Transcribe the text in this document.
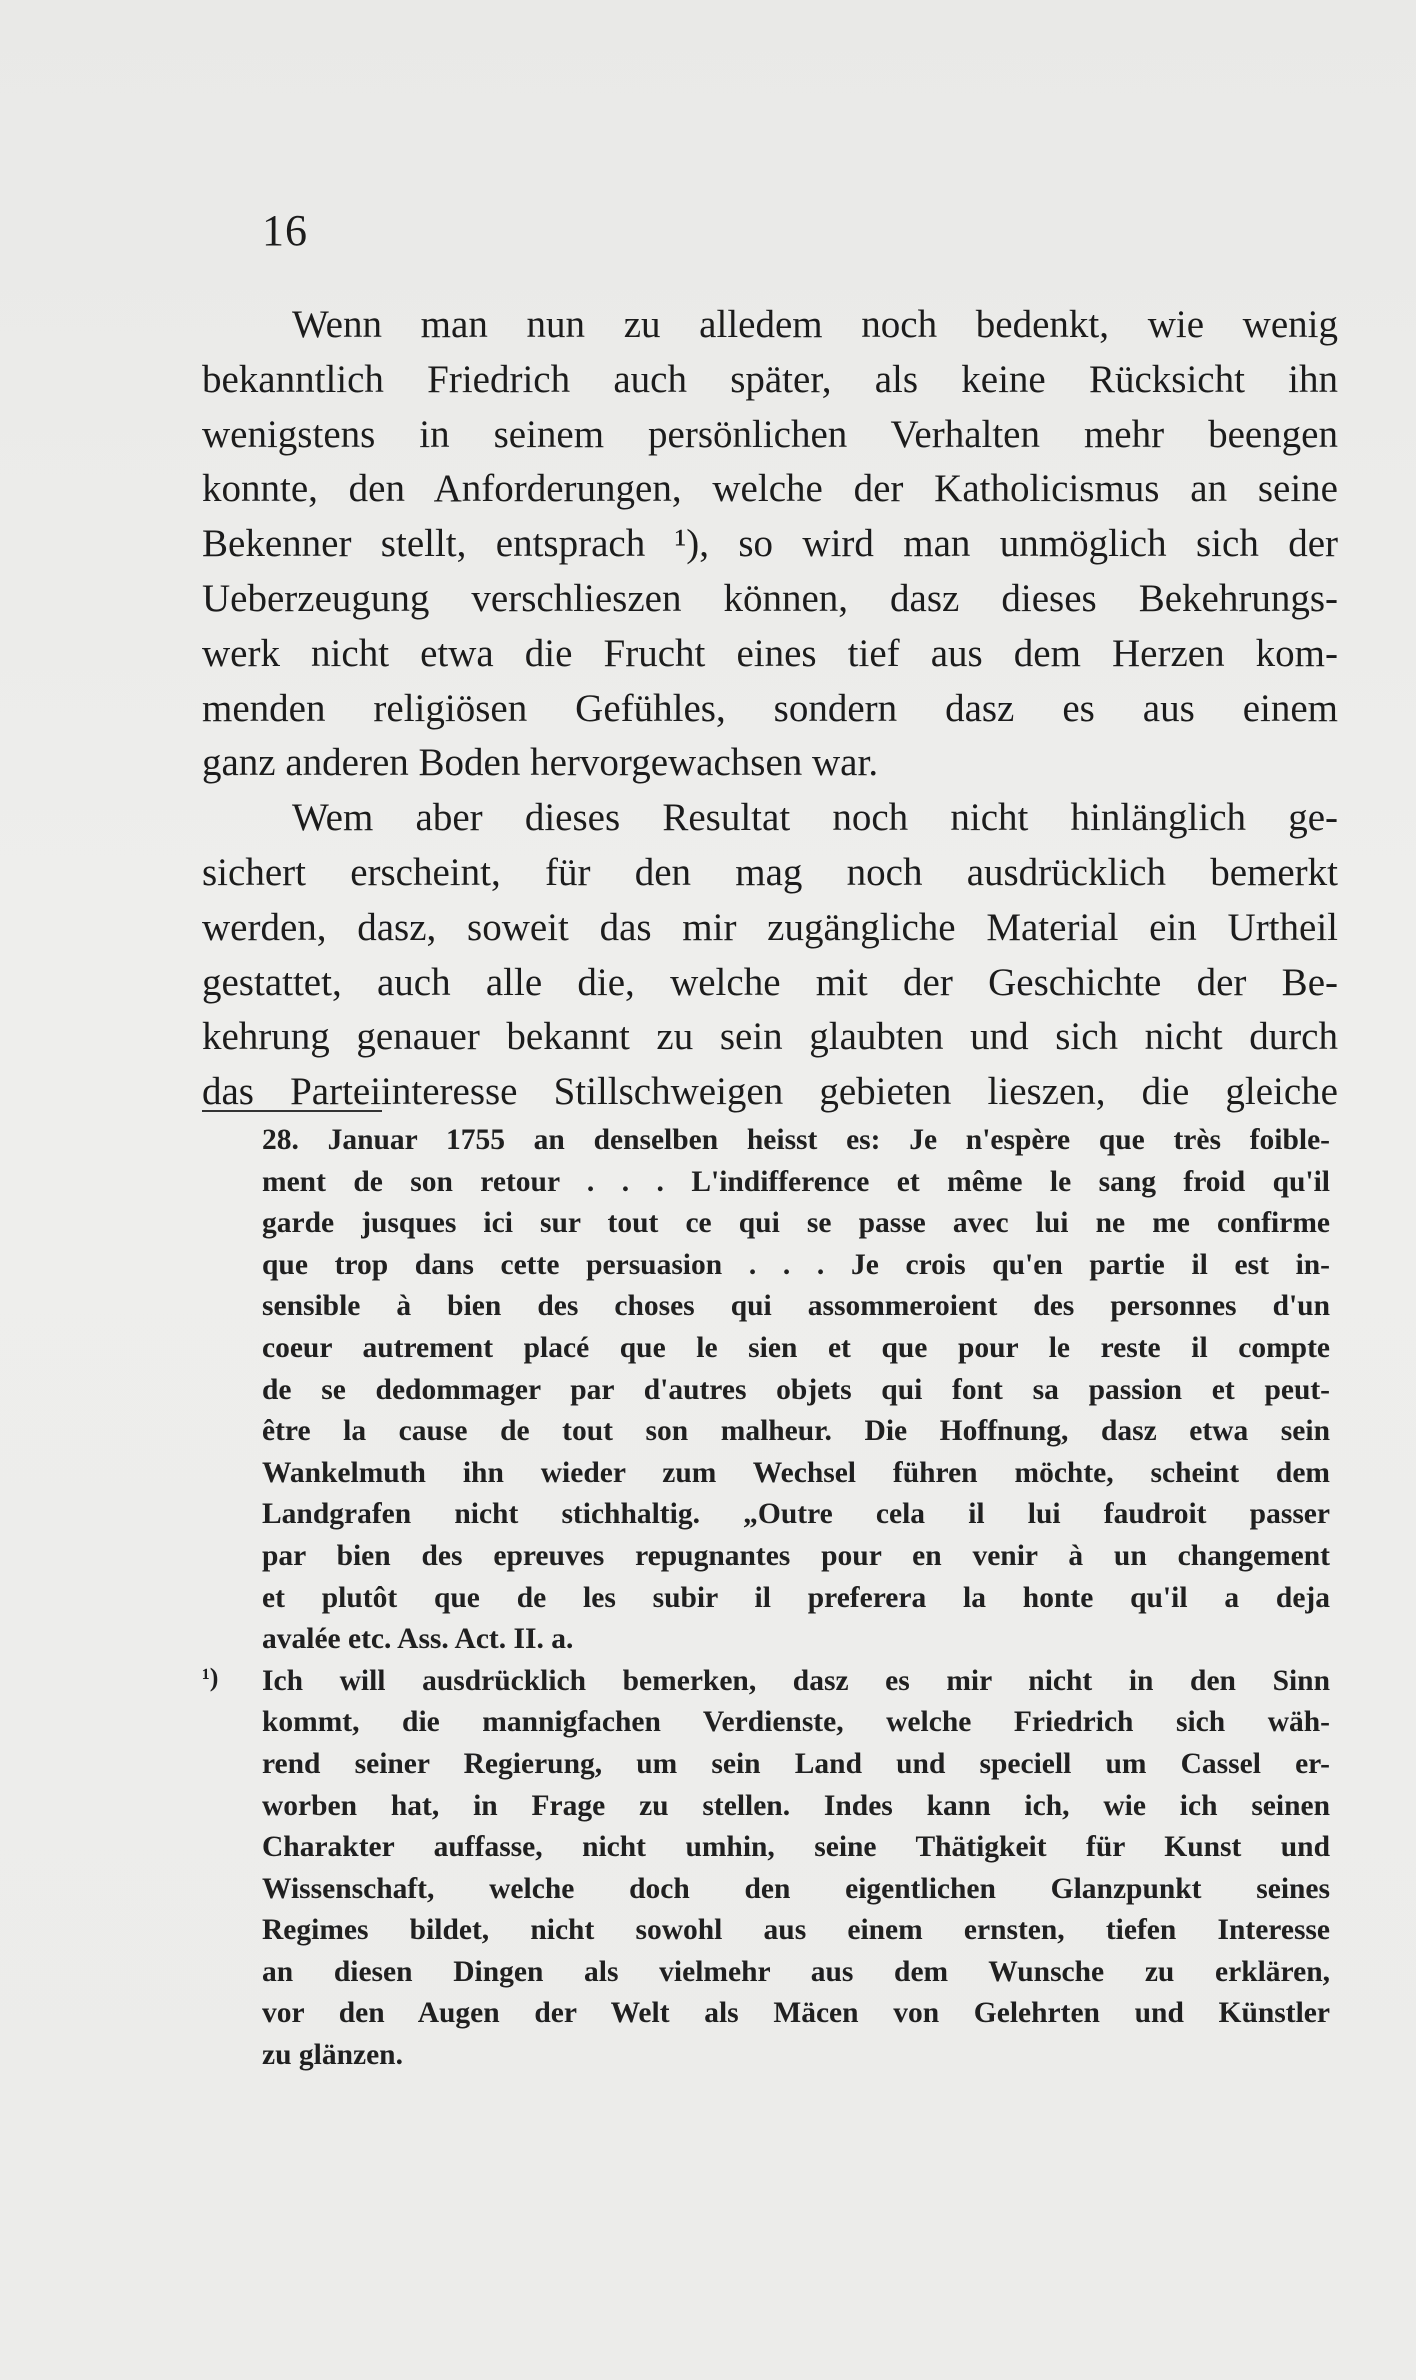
16
Wenn man nun zu alledem noch bedenkt, wie wenig
bekanntlich Friedrich auch später, als keine Rücksicht ihn
wenigstens in seinem persönlichen Verhalten mehr beengen
konnte, den Anforderungen, welche der Katholicismus an seine
Bekenner stellt, entsprach ¹), so wird man unmöglich sich der
Ueberzeugung verschlieszen können, dasz dieses Bekehrungs-
werk nicht etwa die Frucht eines tief aus dem Herzen kom-
menden religiösen Gefühles, sondern dasz es aus einem
ganz anderen Boden hervorgewachsen war.
Wem aber dieses Resultat noch nicht hinlänglich ge-
sichert erscheint, für den mag noch ausdrücklich bemerkt
werden, dasz, soweit das mir zugängliche Material ein Urtheil
gestattet, auch alle die, welche mit der Geschichte der Be-
kehrung genauer bekannt zu sein glaubten und sich nicht durch
das Parteiinteresse Stillschweigen gebieten lieszen, die gleiche
28. Januar 1755 an denselben heisst es: Je n'espère que très foible-
ment de son retour . . . L'indifference et même le sang froid qu'il
garde jusques ici sur tout ce qui se passe avec lui ne me confirme
que trop dans cette persuasion . . . Je crois qu'en partie il est in-
sensible à bien des choses qui assommeroient des personnes d'un
coeur autrement placé que le sien et que pour le reste il compte
de se dedommager par d'autres objets qui font sa passion et peut-
être la cause de tout son malheur. Die Hoffnung, dasz etwa sein
Wankelmuth ihn wieder zum Wechsel führen möchte, scheint dem
Landgrafen nicht stichhaltig. „Outre cela il lui faudroit passer
par bien des epreuves repugnantes pour en venir à un changement
et plutôt que de les subir il preferera la honte qu'il a deja
avalée etc. Ass. Act. II. a.
¹) Ich will ausdrücklich bemerken, dasz es mir nicht in den Sinn
kommt, die mannigfachen Verdienste, welche Friedrich sich wäh-
rend seiner Regierung, um sein Land und speciell um Cassel er-
worben hat, in Frage zu stellen. Indes kann ich, wie ich seinen
Charakter auffasse, nicht umhin, seine Thätigkeit für Kunst und
Wissenschaft, welche doch den eigentlichen Glanzpunkt seines
Regimes bildet, nicht sowohl aus einem ernsten, tiefen Interesse
an diesen Dingen als vielmehr aus dem Wunsche zu erklären,
vor den Augen der Welt als Mäcen von Gelehrten und Künstler
zu glänzen.
